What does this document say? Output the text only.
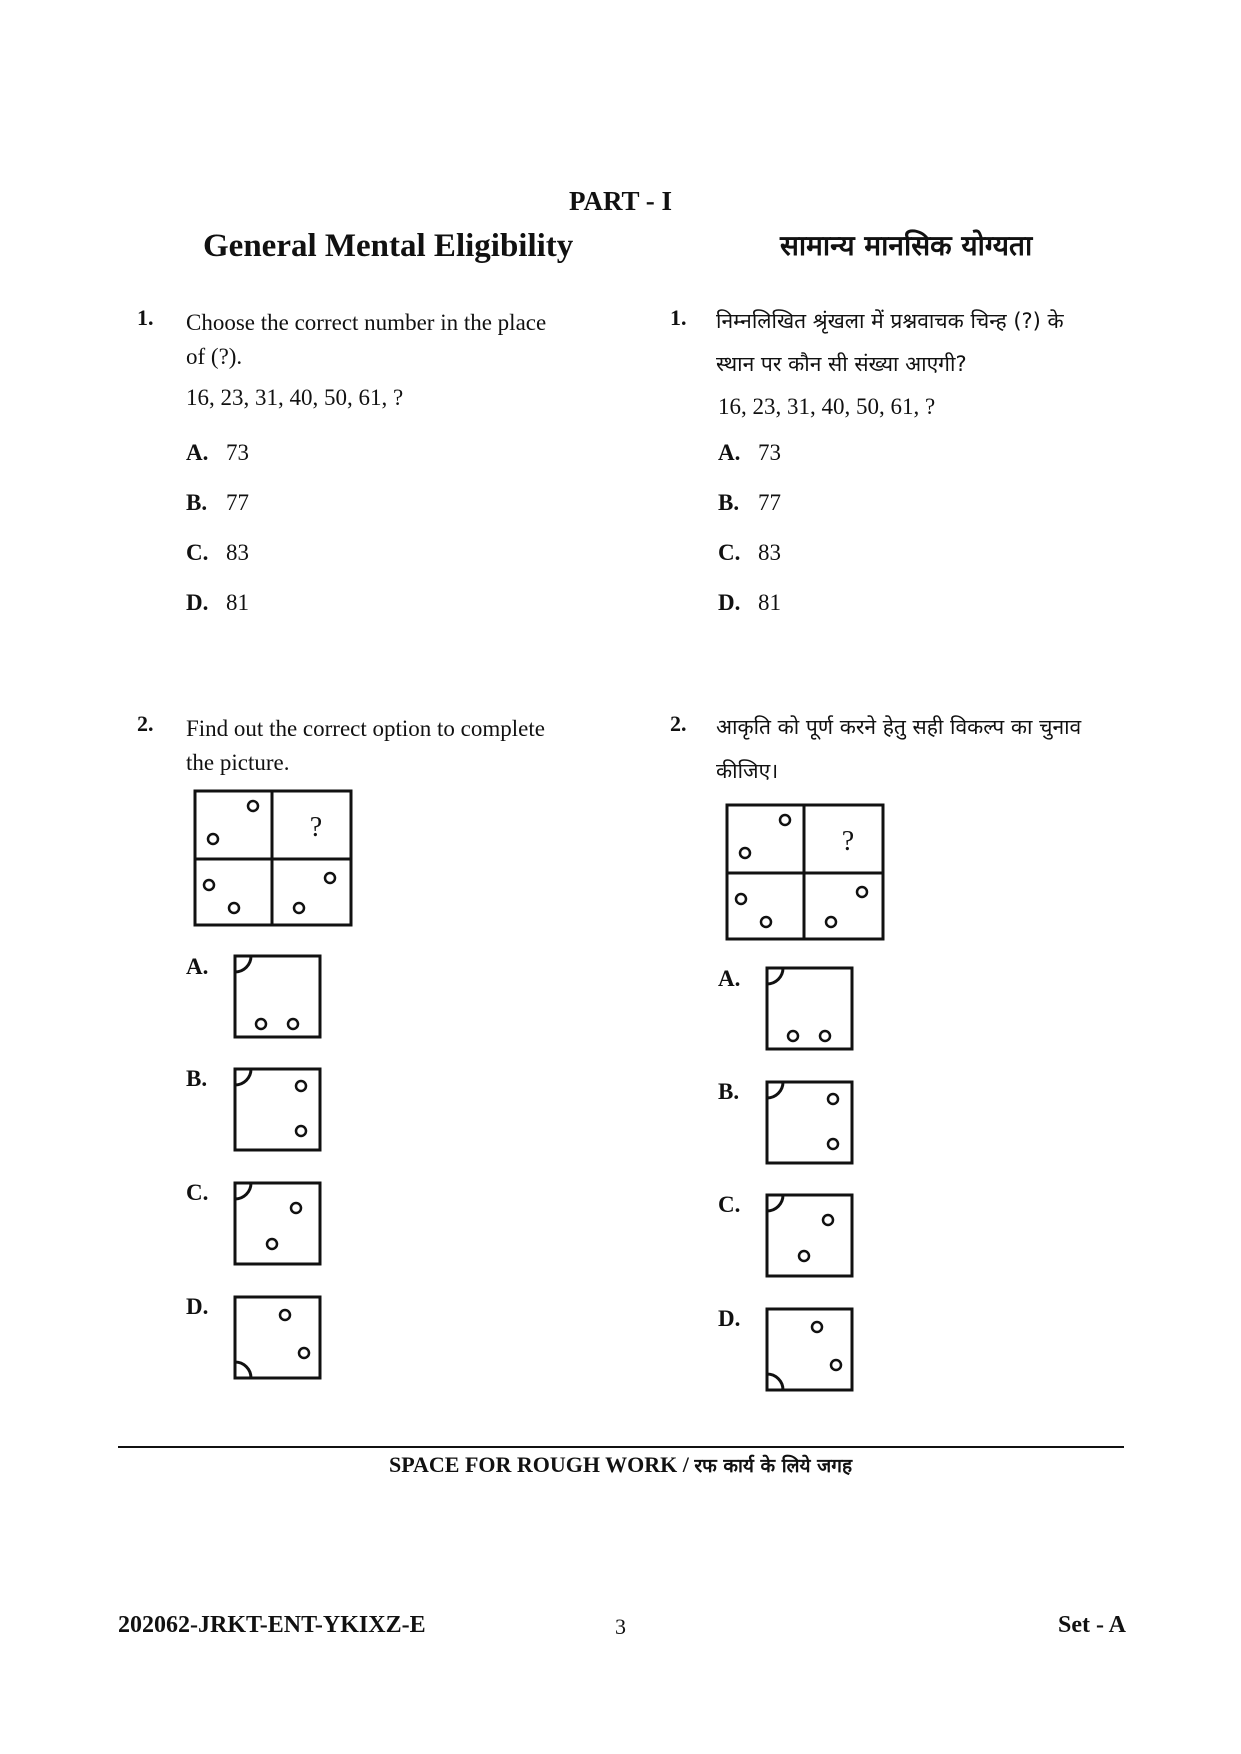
PART - I
General Mental Eligibility	सामान्य मानसिक योग्यता
1. Choose the correct number in the place
of (?).
16, 23, 31, 40, 50, 61, ?
A. 73
B. 77
C. 83
D. 81
1. निम्नलिखित श्रृंखला में प्रश्नवाचक चिन्ह (?) के
स्थान पर कौन सी संख्या आएगी?
16, 23, 31, 40, 50, 61, ?
A. 73
B. 77
C. 83
D. 81
2. Find out the correct option to complete
the picture.
?
A.
B.
C.
D.
2. आकृति को पूर्ण करने हेतु सही विकल्प का चुनाव
कीजिए।
?
A.
B.
C.
D.
SPACE FOR ROUGH WORK / रफ कार्य के लिये जगह
202062-JRKT-ENT-YKIXZ-E	3	Set - A
